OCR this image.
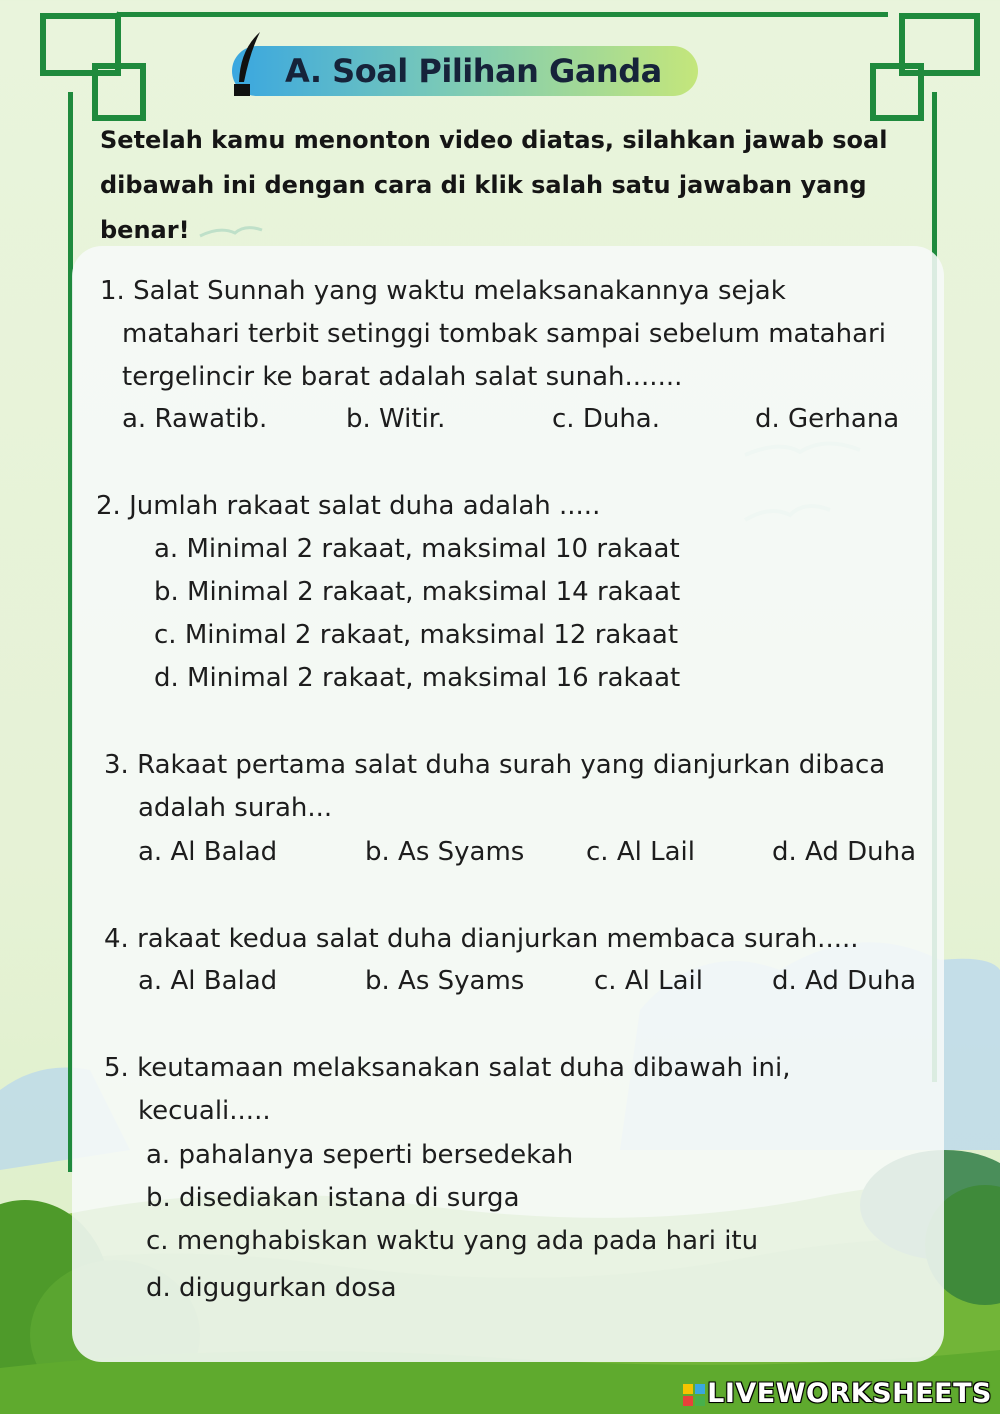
A. Soal Pilihan Ganda
Setelah kamu menonton video diatas, silahkan jawab soal dibawah ini dengan cara di klik salah satu jawaban yang benar!
1. Salat Sunnah yang waktu melaksanakannya sejak
matahari terbit setinggi tombak sampai sebelum matahari
tergelincir ke barat adalah salat sunah.......
a. Rawatib.	b. Witir.	c. Duha.	d. Gerhana
2. Jumlah rakaat salat duha adalah .....
a. Minimal 2 rakaat, maksimal 10 rakaat
b. Minimal 2 rakaat, maksimal 14 rakaat
c. Minimal 2 rakaat, maksimal 12 rakaat
d. Minimal 2 rakaat, maksimal 16 rakaat
3. Rakaat pertama salat duha surah yang dianjurkan dibaca
adalah surah...
a. Al Balad	b. As Syams c. Al Lail	d. Ad Duha
4. rakaat kedua salat duha dianjurkan membaca surah.....
a. Al Balad	b. As Syams	c. Al Lail	d. Ad Duha
5. keutamaan melaksanakan salat duha dibawah ini,
kecuali.....
a. pahalanya seperti bersedekah
b. disediakan istana di surga
c. menghabiskan waktu yang ada pada hari itu
d. digugurkan dosa
LIVEWORKSHEETS
